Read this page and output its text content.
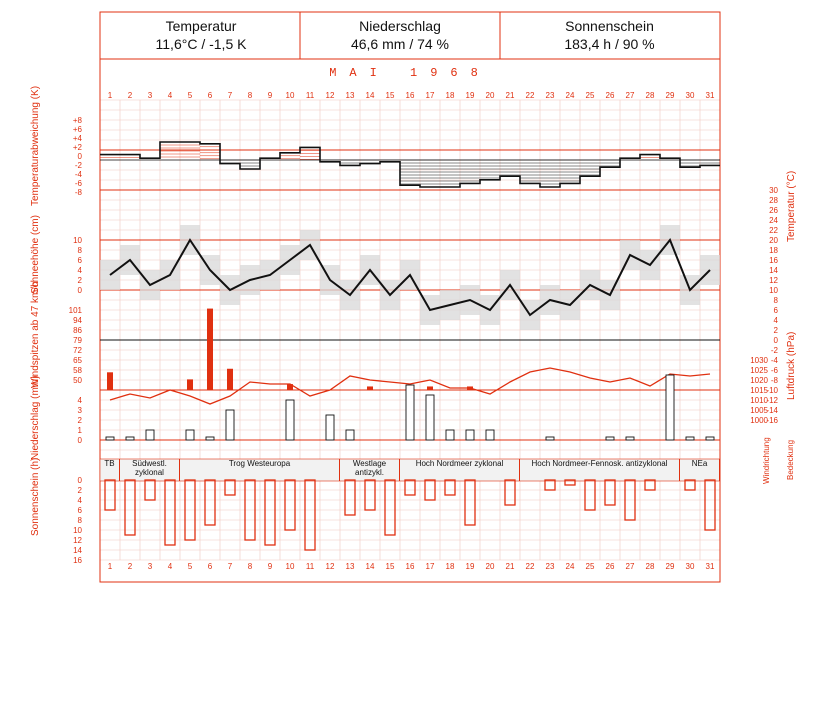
1
1
2
2
3
3
4
4
5
5
6
6
7
7
8
8
9
9
10
10
11
11
12
12
13
13
14
14
15
15
16
16
17
17
18
18
19
19
20
20
21
21
22
22
23
23
24
24
25
25
26
26
27
27
28
28
29
29
30
30
31
31
+8
+6
+4
+2
0
-2
-4
-6
-8
10
8
6
4
2
0
101
94
86
79
72
65
58
50
4
3
2
1
0
0
2
4
6
8
10
12
14
16
30
28
26
24
22
20
18
16
14
12
10
8
6
4
2
0
-2
-4
-6
-8
-10
-12
-14
-16
1030
1025
1020
1015
1010
1005
1000
Temperatur
11,6°C / -1,5 K
Niederschlag
46,6 mm / 74 %
Sonnenschein
183,4 h / 90 %
MAI 1968
Temperaturabweichung (K)
Schneehöhe (cm)
Windspitzen ab 47 km/h
Niederschlag (mm)
Sonnenschein (h)
Temperatur (°C)
Luftdruck (hPa)
Windrichtung Bedeckung
TB	Südwestl. zyklonal
Trog Westeuropa	Westlage antizykl.
Hoch Nordmeer zyklonal	Hoch Nordmeer-Fennosk. antizyklonal	NEa
